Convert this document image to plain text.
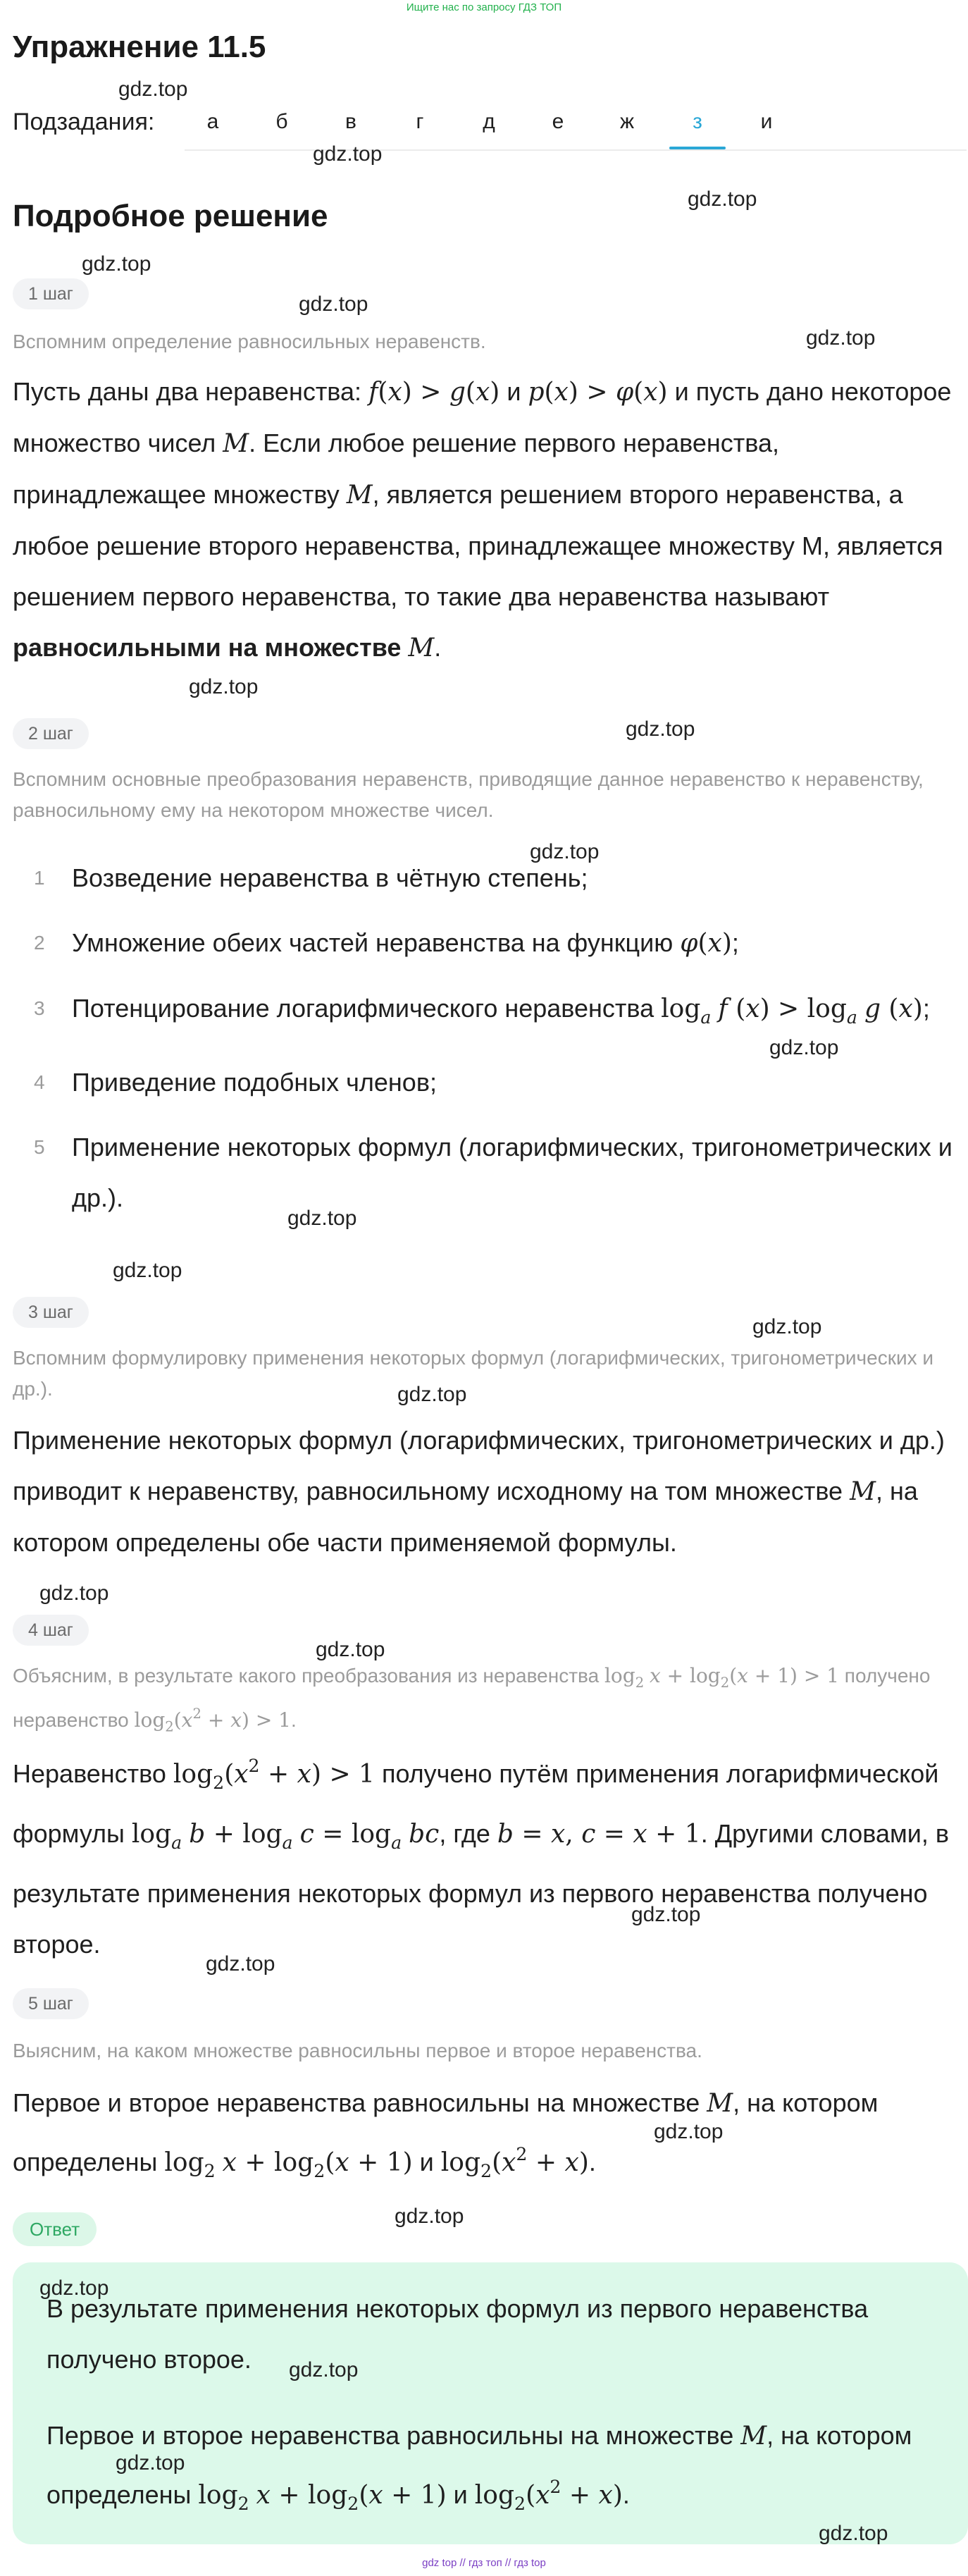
Ищите нас по запросу ГДЗ ТОП
Упражнение 11.5
Подзадания:	а	б	в	г	д	е	ж	з	и
Подробное решение
1 шаг
Вспомним определение равносильных неравенств.
Пусть даны два неравенства: f(x) > g(x) и p(x) > φ(x) и пусть дано некоторое множество чисел M. Если любое решение первого неравенства, принадлежащее множеству M, является решением второго неравенства, а любое решение второго неравенства, принадлежащее множеству М, является решением первого неравенства, то такие два неравенства называют равносильными на множестве M.
2 шаг
Вспомним основные преобразования неравенств, приводящие данное неравенство к неравенству, равносильному ему на некотором множестве чисел.
1	Возведение неравенства в чётную степень;
2	Умножение обеих частей неравенства на функцию φ(x);
3	Потенцирование логарифмического неравенства $\log_a f$ $(x) > \log_a g$ (x);
4	Приведение подобных членов;
5	Применение некоторых формул (логарифмических, тригонометрических и др.).
3 шаг
Вспомним формулировку применения некоторых формул (логарифмических, тригонометрических и др.).
Применение некоторых формул (логарифмических, тригонометрических и др.) приводит к неравенству, равносильному исходному на том множестве M, на котором определены обе части применяемой формулы.
4 шаг
Объясним, в результате какого преобразования из неравенства $\log_2 x + \log_2(x + 1) > 1$ получено неравенство $\log_2(x^2 + x) > 1$.
Неравенство $\log_2(x^2 + x) > 1$ получено путём применения логарифмической формулы $\log_a b + \log_a c = \log_a$ bc, где b = x, c = x + 1. Другими словами, в результате применения некоторых формул из первого неравенства получено второе.
5 шаг
Выясним, на каком множестве равносильны первое и второе неравенства.
Первое и второе неравенства равносильны на множестве M, на котором определены $\log_2 x + \log_2(x + 1)$ и $\log_2(x^2 + x)$.
Ответ
В результате применения некоторых формул из первого неравенства получено второе.
Первое и второе неравенства равносильны на множестве M, на котором определены $\log_2 x + \log_2(x + 1)$ и $\log_2(x^2 + x)$.
gdz.top
gdz.top
gdz.top
gdz.top
gdz.top
gdz.top
gdz.top
gdz.top
gdz.top
gdz.top
gdz.top
gdz.top
gdz.top
gdz.top
gdz.top
gdz.top
gdz.top
gdz.top
gdz.top
gdz.top
gdz.top
gdz.top
gdz.top
gdz.top
gdz top // гдз топ // гдз top
